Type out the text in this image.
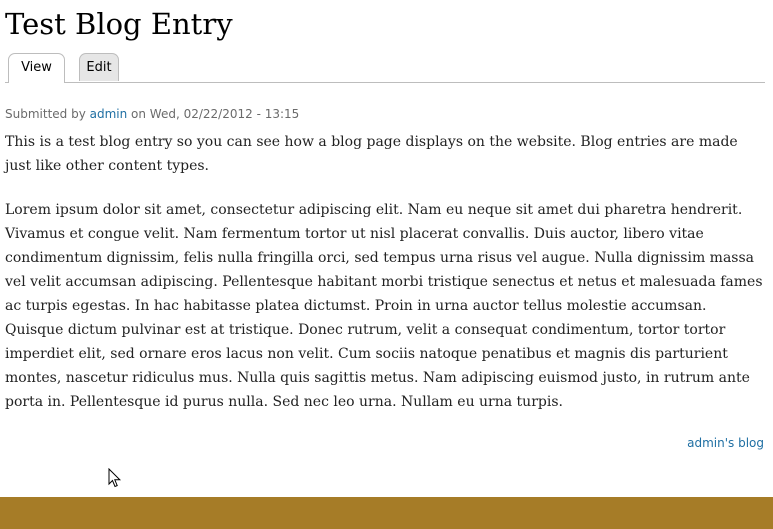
Test Blog Entry
View	Edit
Submitted by admin on Wed, 02/22/2012 - 13:15

This is a test blog entry so you can see how a blog page displays on the website. Blog entries are made just like other content types.

Lorem ipsum dolor sit amet, consectetur adipiscing elit. Nam eu neque sit amet dui pharetra hendrerit. Vivamus et congue velit. Nam fermentum tortor ut nisl placerat convallis. Duis auctor, libero vitae condimentum dignissim, felis nulla fringilla orci, sed tempus urna risus vel augue. Nulla dignissim massa vel velit accumsan adipiscing. Pellentesque habitant morbi tristique senectus et netus et malesuada fames ac turpis egestas. In hac habitasse platea dictumst. Proin in urna auctor tellus molestie accumsan. Quisque dictum pulvinar est at tristique. Donec rutrum, velit a consequat condimentum, tortor tortor imperdiet elit, sed ornare eros lacus non velit. Cum sociis natoque penatibus et magnis dis parturient montes, nascetur ridiculus mus. Nulla quis sagittis metus. Nam adipiscing euismod justo, in rutrum ante porta in. Pellentesque id purus nulla. Sed nec leo urna. Nullam eu urna turpis.

admin's blog
